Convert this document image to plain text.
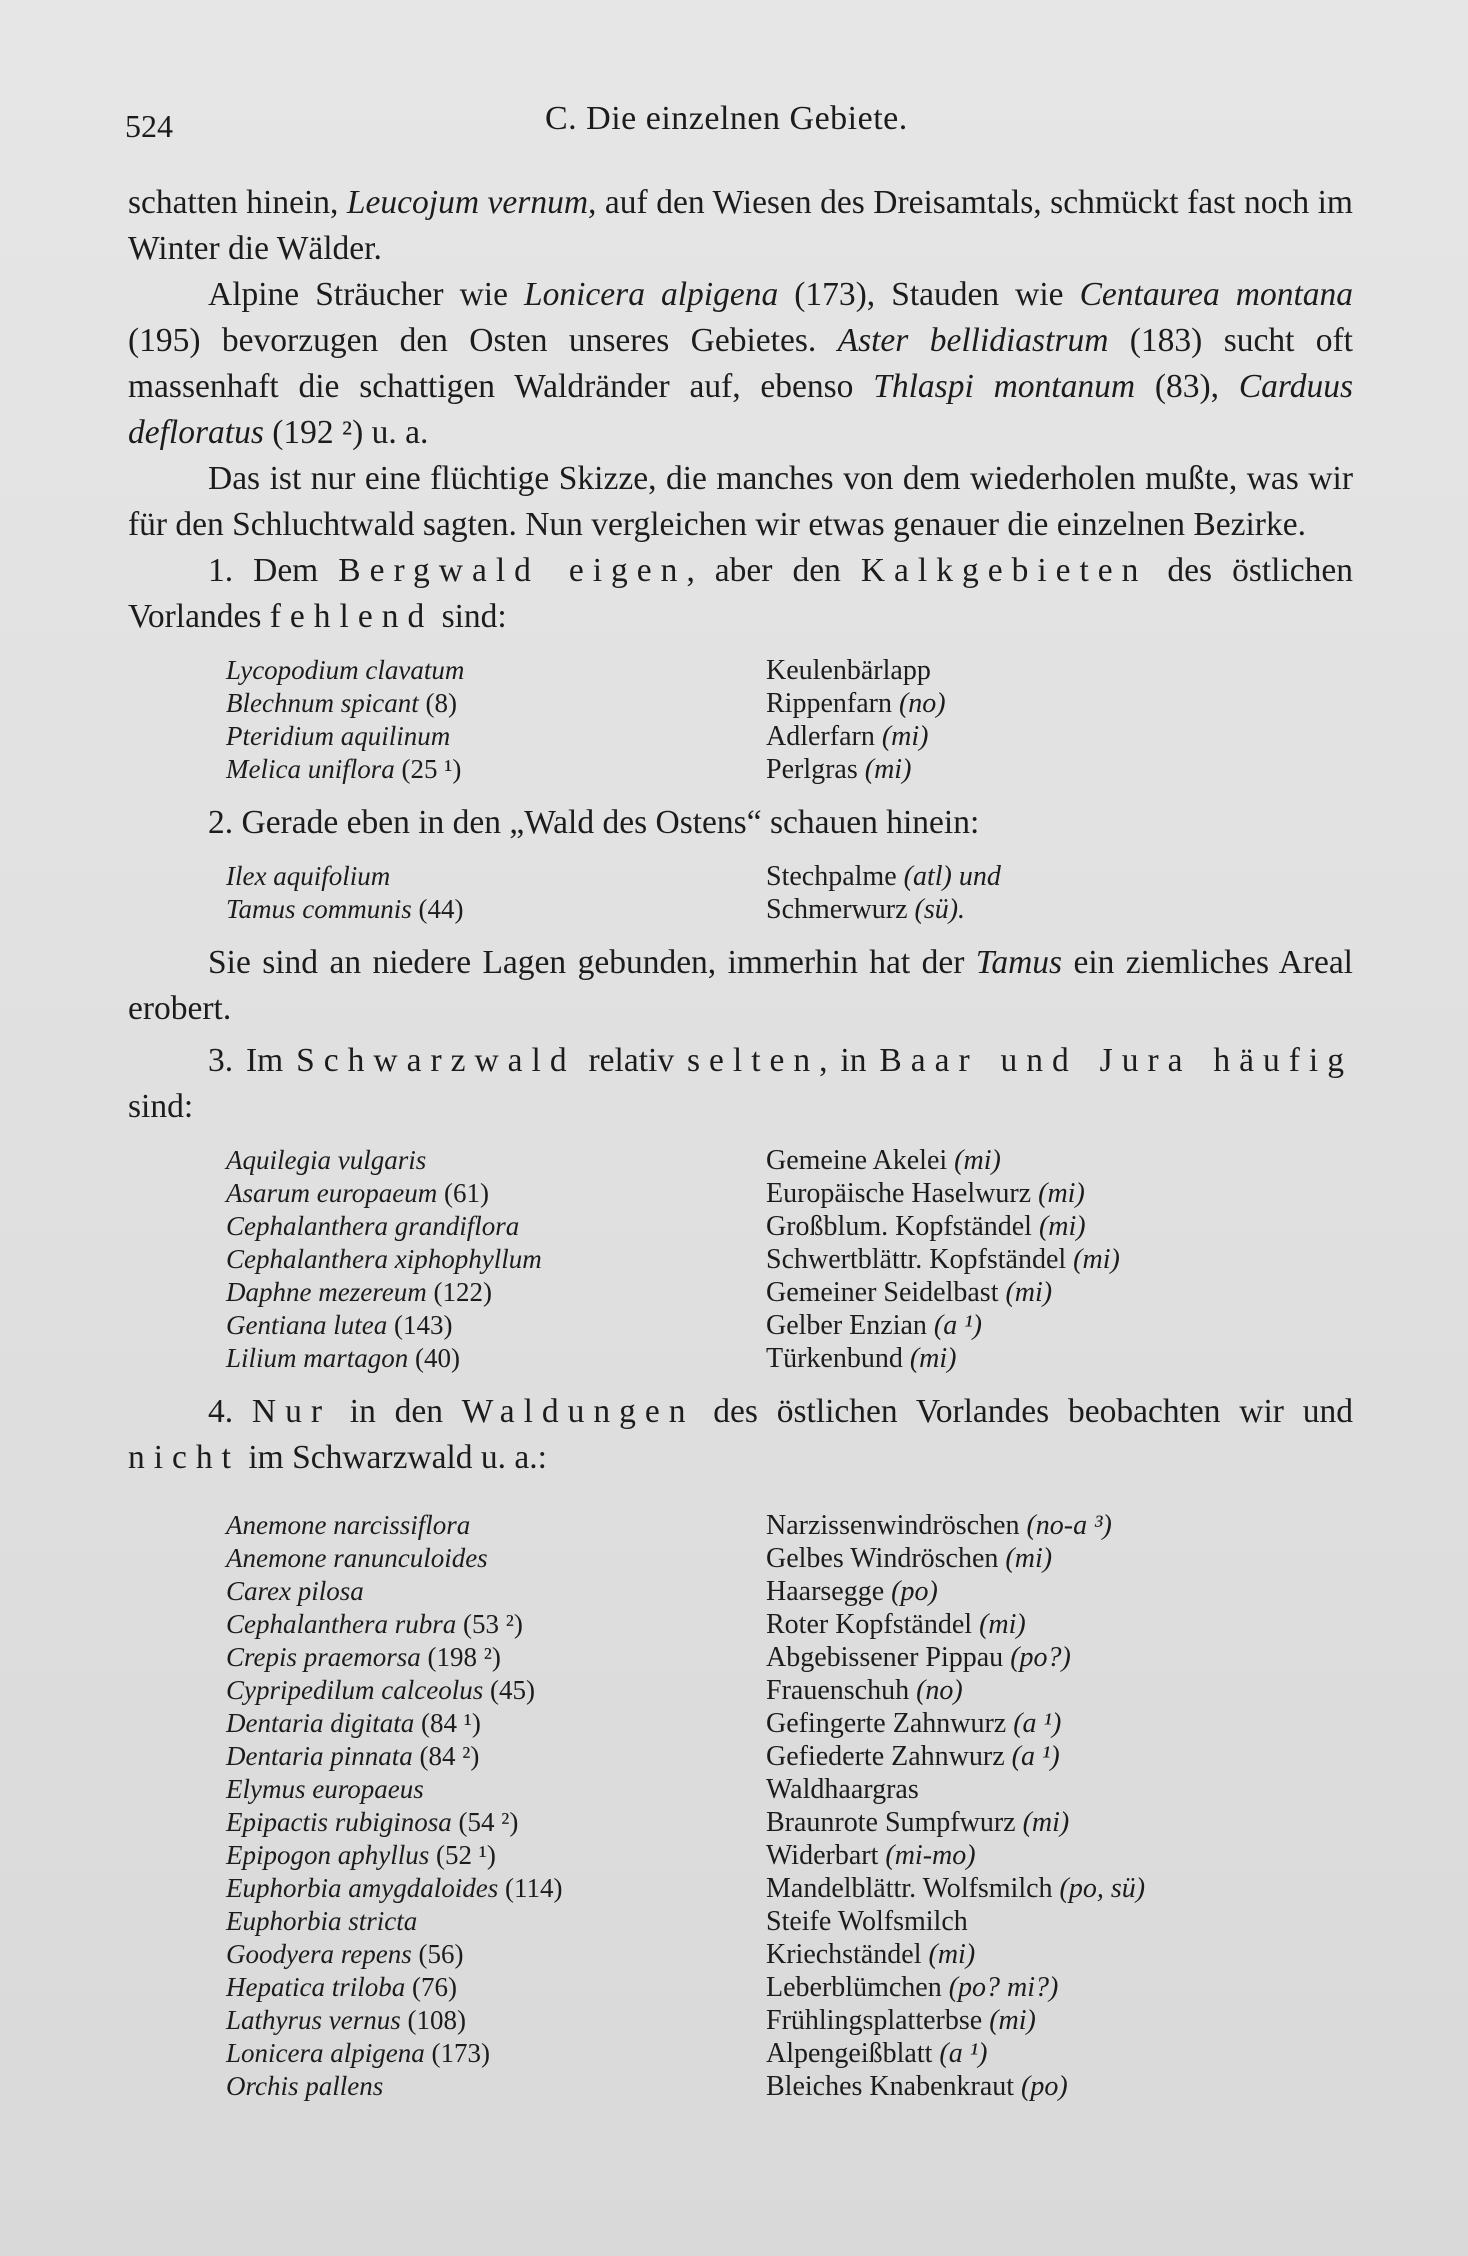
524	C. Die einzelnen Gebiete.

schatten hinein, Leucojum vernum, auf den Wiesen des Dreisamtals, schmückt fast noch im Winter die Wälder.

Alpine Sträucher wie Lonicera alpigena (173), Stauden wie Centaurea montana (195) bevorzugen den Osten unseres Gebietes. Aster bellidiastrum (183) sucht oft massenhaft die schattigen Waldränder auf, ebenso Thlaspi montanum (83), Carduus defloratus (192 ²) u. a.

Das ist nur eine flüchtige Skizze, die manches von dem wiederholen mußte, was wir für den Schluchtwald sagten. Nun vergleichen wir etwas genauer die einzelnen Bezirke.

1. Dem Bergwald eigen, aber den Kalkgebieten des östlichen Vorlandes fehlend sind:

Lycopodium clavatum	Keulenbärlapp
Blechnum spicant (8)	Rippenfarn (no)
Pteridium aquilinum	Adlerfarn (mi)
Melica uniflora (25 ¹)	Perlgras (mi)

2. Gerade eben in den „Wald des Ostens“ schauen hinein:

Ilex aquifolium	Stechpalme (atl) und
Tamus communis (44)	Schmerwurz (sü).

Sie sind an niedere Lagen gebunden, immerhin hat der Tamus ein ziemliches Areal erobert.

3. Im Schwarzwald relativ selten, in Baar und Jura häufig sind:

Aquilegia vulgaris	Gemeine Akelei (mi)
Asarum europaeum (61)	Europäische Haselwurz (mi)
Cephalanthera grandiflora	Großblum. Kopfständel (mi)
Cephalanthera xiphophyllum	Schwertblättr. Kopfständel (mi)
Daphne mezereum (122)	Gemeiner Seidelbast (mi)
Gentiana lutea (143)	Gelber Enzian (a ¹)
Lilium martagon (40)	Türkenbund (mi)

4. Nur in den Waldungen des östlichen Vorlandes beobachten wir und nicht im Schwarzwald u. a.:

Anemone narcissiflora	Narzissenwindröschen (no-a ³)
Anemone ranunculoides	Gelbes Windröschen (mi)
Carex pilosa	Haarsegge (po)
Cephalanthera rubra (53 ²)	Roter Kopfständel (mi)
Crepis praemorsa (198 ²)	Abgebissener Pippau (po?)
Cypripedilum calceolus (45)	Frauenschuh (no)
Dentaria digitata (84 ¹)	Gefingerte Zahnwurz (a ¹)
Dentaria pinnata (84 ²)	Gefiederte Zahnwurz (a ¹)
Elymus europaeus	Waldhaargras
Epipactis rubiginosa (54 ²)	Braunrote Sumpfwurz (mi)
Epipogon aphyllus (52 ¹)	Widerbart (mi-mo)
Euphorbia amygdaloides (114)	Mandelblättr. Wolfsmilch (po, sü)
Euphorbia stricta	Steife Wolfsmilch
Goodyera repens (56)	Kriechständel (mi)
Hepatica triloba (76)	Leberblümchen (po? mi?)
Lathyrus vernus (108)	Frühlingsplatterbse (mi)
Lonicera alpigena (173)	Alpengeißblatt (a ¹)
Orchis pallens	Bleiches Knabenkraut (po)
